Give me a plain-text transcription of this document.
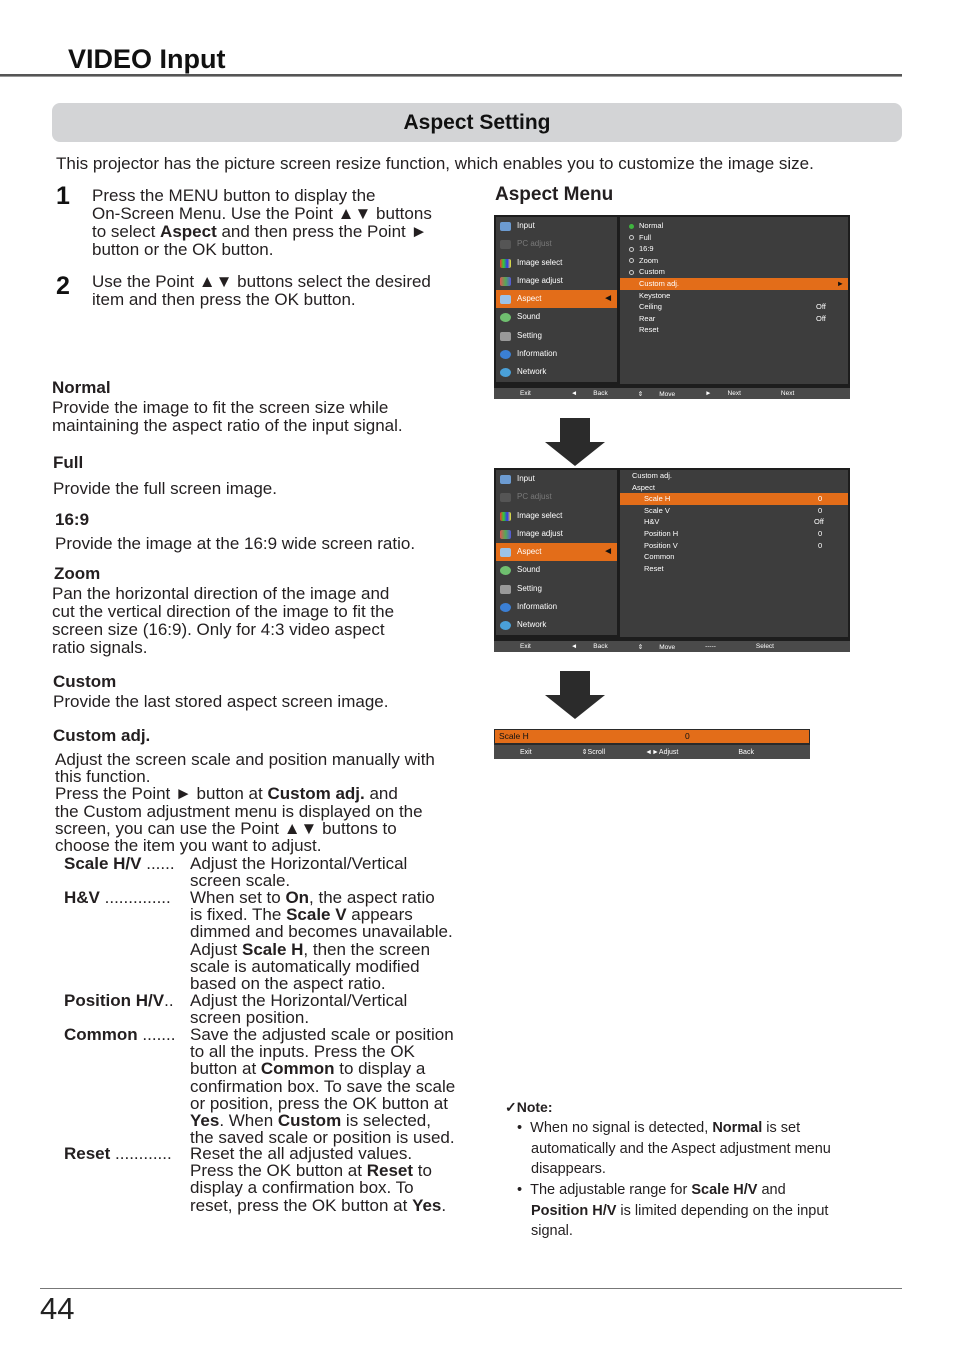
VIDEO Input
Aspect Setting
This projector has the picture screen resize function, which enables you to customize the image size.
1 Press the MENU button to display the
On-Screen Menu. Use the Point ▲▼ buttons
to select Aspect and then press the Point ►
button or the OK button.
2 Use the Point ▲▼ buttons select the desired
item and then press the OK button.
Normal
Provide the image to fit the screen size while
maintaining the aspect ratio of the input signal.
Full
Provide the full screen image.
16:9
Provide the image at the 16:9 wide screen ratio.
Zoom
Pan the horizontal direction of the image and
cut the vertical direction of the image to fit the
screen size (16:9). Only for 4:3 video aspect
ratio signals.
Custom
Provide the last stored aspect screen image.
Custom adj.
Adjust the screen scale and position manually with
this function.
Press the Point ► button at Custom adj. and
the Custom adjustment menu is displayed on the
screen, you can use the Point ▲▼ buttons to
choose the item you want to adjust.
Scale H/V ...... Adjust the Horizontal/Vertical
screen scale.
H&V .............. When set to On, the aspect ratio
is fixed. The Scale V appears
dimmed and becomes unavailable.
Adjust Scale H, then the screen
scale is automatically modified
based on the aspect ratio.
Position H/V.. Adjust the Horizontal/Vertical
screen position.
Common ....... Save the adjusted scale or position
to all the inputs. Press the OK
button at Common to display a
confirmation box. To save the scale
or position, press the OK button at
Yes. When Custom is selected,
the saved scale or position is used.
Reset ............ Reset the all adjusted values.
Press the OK button at Reset to
display a confirmation box. To
reset, press the OK button at Yes.
Aspect Menu
Input
PC adjust
Image select
Image adjust
Aspect	◄
Sound
Setting
Information
Network
Normal
Full
16:9
Zoom
Custom
Custom adj.	►
Keystone
Ceiling	Off
Rear	Off
Reset
Exit	◄ Back	⇕ Move	► Next	Next
Input
PC adjust
Image select
Image adjust
Aspect	◄
Sound
Setting
Information
Network
Custom adj.
Aspect
Scale H	0
Scale V	0
H&V	Off
Position H	0
Position V	0
Common
Reset
Exit	◄ Back	⇕ Move	-----	Select
Scale H	0
Exit	⇕Scroll	◄►Adjust	Back
✓Note:
•  When no signal is detected, Normal is set
automatically and the Aspect adjustment menu
disappears.
•  The adjustable range for Scale H/V and
Position H/V is limited depending on the input
signal.
44
